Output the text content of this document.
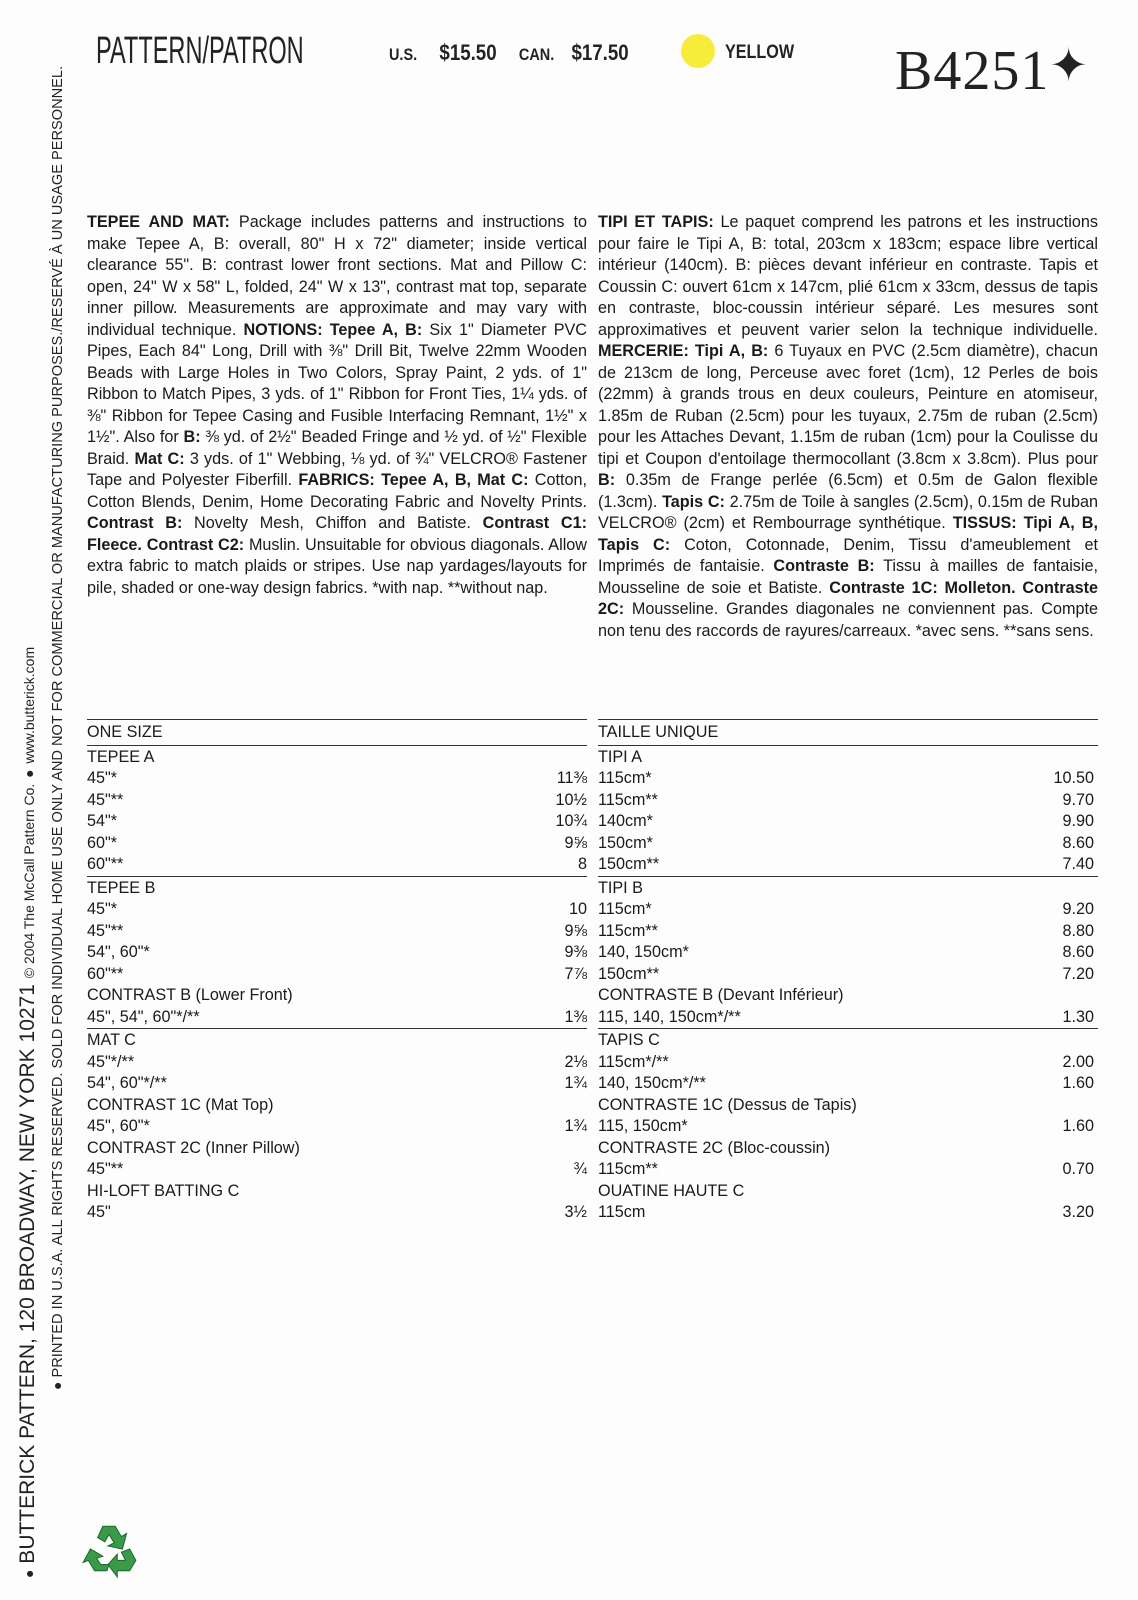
PATTERN/PATRON	U.S. $15.50 CAN. $17.50	YELLOW B4251✦
● BUTTERICK PATTERN, 120 BROADWAY, NEW YORK 10271 © 2004 The McCall Pattern Co. ● www.butterick.com
● PRINTED IN U.S.A. ALL RIGHTS RESERVED. SOLD FOR INDIVIDUAL HOME USE ONLY AND NOT FOR COMMERCIAL OR MANUFACTURING PURPOSES./RESERVÉ À UN USAGE PERSONNEL.	TEPEE AND MAT: Package includes patterns and instructions to make Tepee A, B: overall, 80" H x 72" diameter; inside vertical clearance 55". B: contrast lower front sections. Mat and Pillow C: open, 24" W x 58" L, folded, 24" W x 13", contrast mat top, separate inner pillow. Measurements are approximate and may vary with individual technique. NOTIONS: Tepee A, B: Six 1" Diameter PVC Pipes, Each 84" Long, Drill with ⅜" Drill Bit, Twelve 22mm Wooden Beads with Large Holes in Two Colors, Spray Paint, 2 yds. of 1" Ribbon to Match Pipes, 3 yds. of 1" Ribbon for Front Ties, 1¼ yds. of ⅜" Ribbon for Tepee Casing and Fusible Interfacing Remnant, 1½" x 1½". Also for B: ⅜ yd. of 2½" Beaded Fringe and ½ yd. of ½" Flexible Braid. Mat C: 3 yds. of 1" Webbing, ⅛ yd. of ¾" VELCRO® Fastener Tape and Polyester Fiberfill. FABRICS: Tepee A, B, Mat C: Cotton, Cotton Blends, Denim, Home Decorating Fabric and Novelty Prints. Contrast B: Novelty Mesh, Chiffon and Batiste. Contrast C1: Fleece. Contrast C2: Muslin. Unsuitable for obvious diagonals. Allow extra fabric to match plaids or stripes. Use nap yardages/layouts for pile, shaded or one-way design fabrics. *with nap. **without nap.

TIPI ET TAPIS: Le paquet comprend les patrons et les instructions pour faire le Tipi A, B: total, 203cm x 183cm; espace libre vertical intérieur (140cm). B: pièces devant inférieur en contraste. Tapis et Coussin C: ouvert 61cm x 147cm, plié 61cm x 33cm, dessus de tapis en contraste, bloc-coussin intérieur séparé. Les mesures sont approximatives et peuvent varier selon la technique individuelle. MERCERIE: Tipi A, B: 6 Tuyaux en PVC (2.5cm diamètre), chacun de 213cm de long, Perceuse avec foret (1cm), 12 Perles de bois (22mm) à grands trous en deux couleurs, Peinture en atomiseur, 1.85m de Ruban (2.5cm) pour les tuyaux, 2.75m de ruban (2.5cm) pour les Attaches Devant, 1.15m de ruban (1cm) pour la Coulisse du tipi et Coupon d'entoilage thermocollant (3.8cm x 3.8cm). Plus pour B: 0.35m de Frange perlée (6.5cm) et 0.5m de Galon flexible (1.3cm). Tapis C: 2.75m de Toile à sangles (2.5cm), 0.15m de Ruban VELCRO® (2cm) et Rembourrage synthétique. TISSUS: Tipi A, B, Tapis C: Coton, Cotonnade, Denim, Tissu d'ameublement et Imprimés de fantaisie. Contraste B: Tissu à mailles de fantaisie, Mousseline de soie et Batiste. Contraste 1C: Molleton. Contraste 2C: Mousseline. Grandes diagonales ne conviennent pas. Compte non tenu des raccords de rayures/carreaux. *avec sens. **sans sens.

ONE SIZE
TEPEE A
45"*	11⅜
45"**	10½
54"*	10¾
60"*	9⅝
60"**	8
TEPEE B
45"*	10
45"**	9⅝
54", 60"*	9⅜
60"**	7⅞
CONTRAST B (Lower Front)
45", 54", 60"*/**	1⅜
MAT C
45"*/**	2⅛
54", 60"*/**	1¾
CONTRAST 1C (Mat Top)
45", 60"*	1¾
CONTRAST 2C (Inner Pillow)
45"**	¾
HI-LOFT BATTING C
45"	3½
TAILLE UNIQUE
TIPI A
115cm*	10.50
115cm**	9.70
140cm*	9.90
150cm*	8.60
150cm**	7.40
TIPI B
115cm*	9.20
115cm**	8.80
140, 150cm*	8.60
150cm**	7.20
CONTRASTE B (Devant Inférieur)
115, 140, 150cm*/**	1.30
TAPIS C
115cm*/**	2.00
140, 150cm*/**	1.60
CONTRASTE 1C (Dessus de Tapis)
115, 150cm*	1.60
CONTRASTE 2C (Bloc-coussin)
115cm**	0.70
OUATINE HAUTE C
115cm	3.20
